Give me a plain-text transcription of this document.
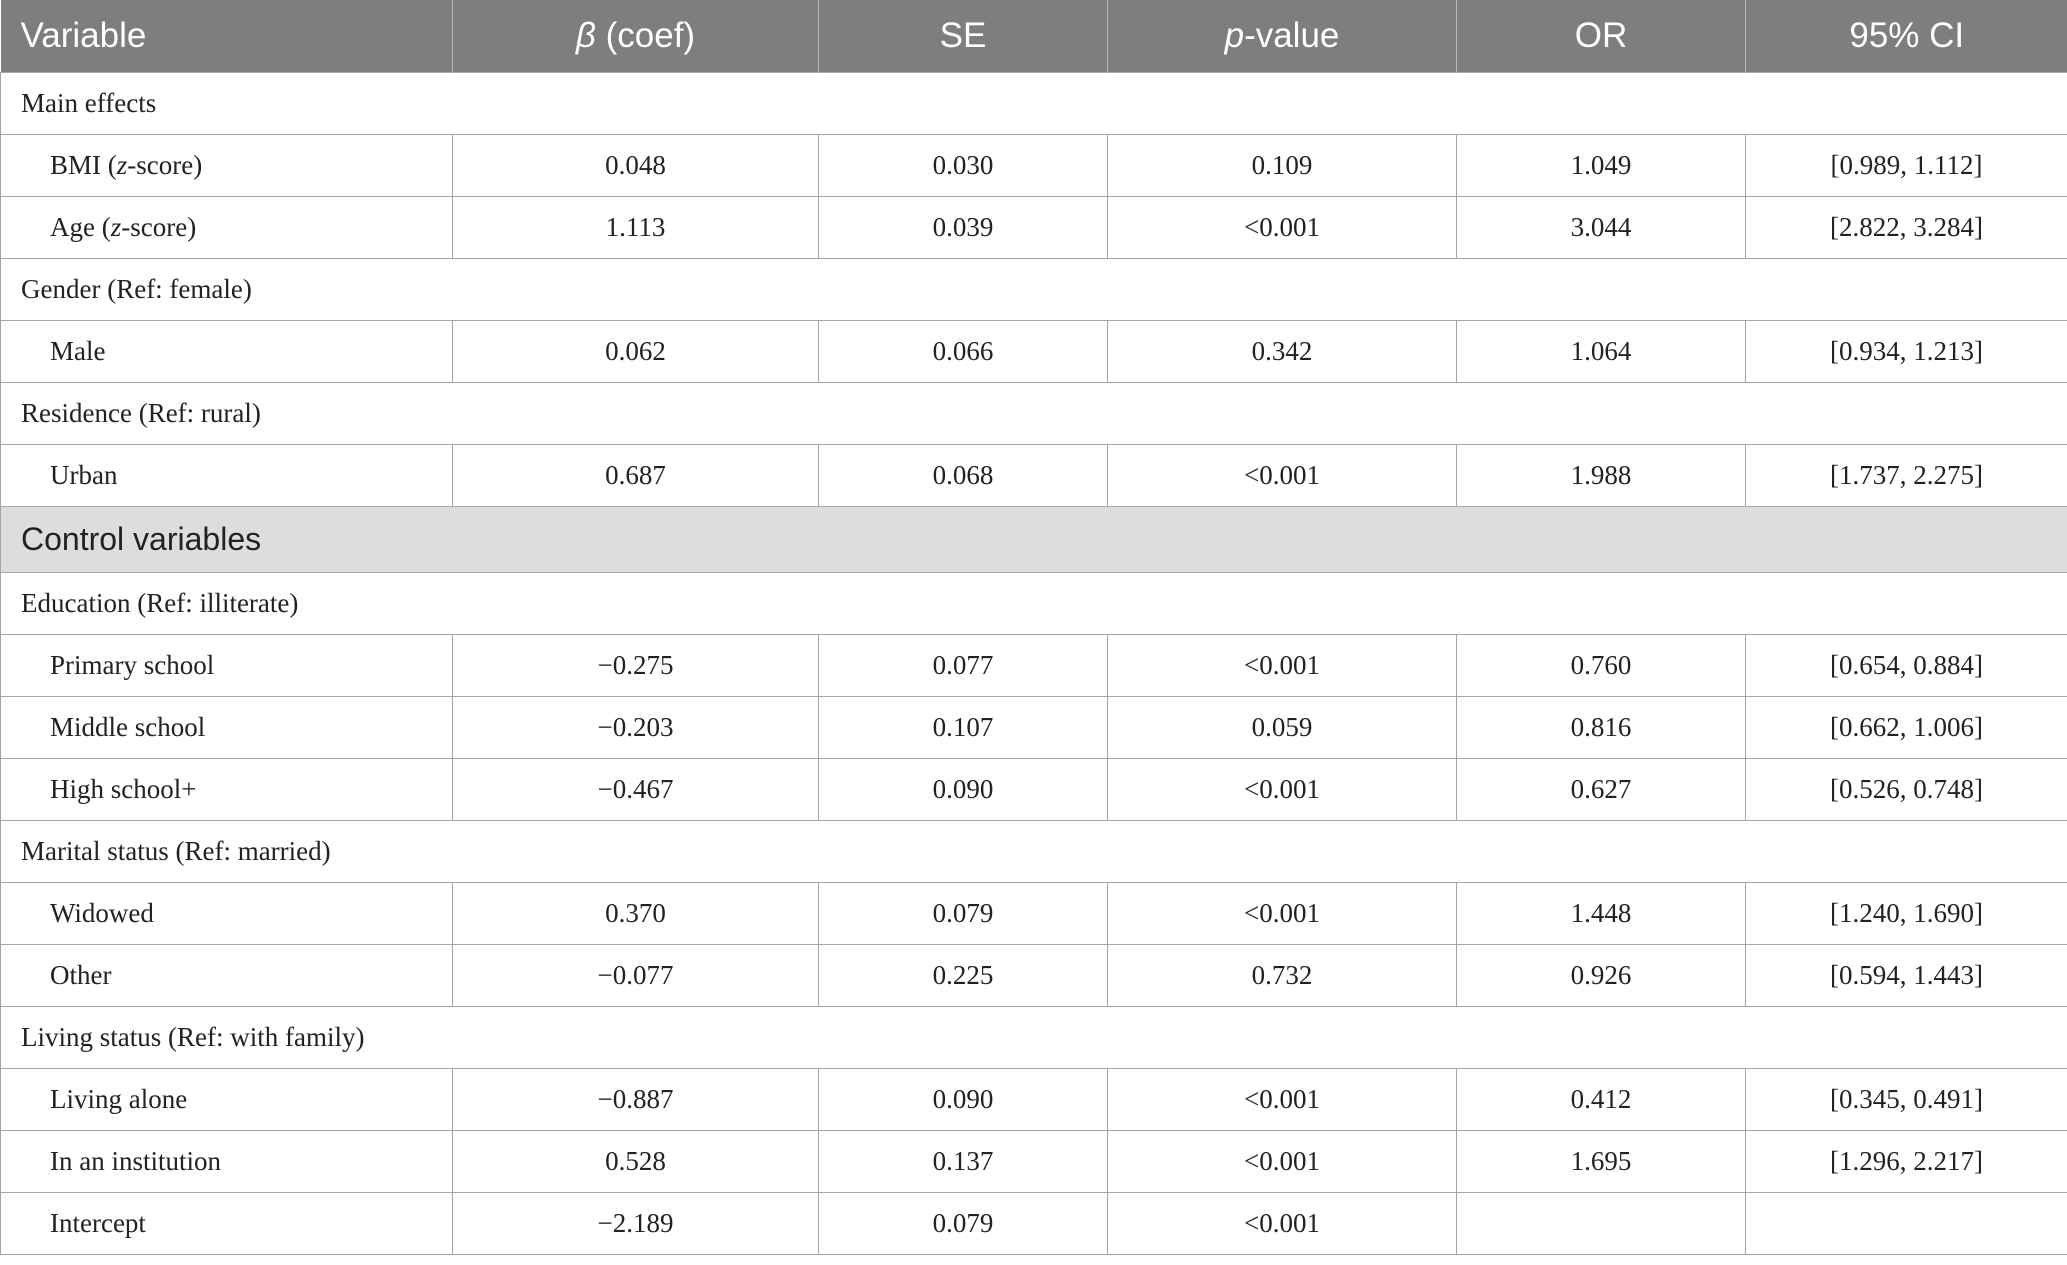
Variable	β (coef)	SE	p-value	OR	95% CI
Main effects					
BMI (z-score)	0.048	0.030	0.109	1.049	[0.989, 1.112]
Age (z-score)	1.113	0.039	<0.001	3.044	[2.822, 3.284]
Gender (Ref: female)					
Male	0.062	0.066	0.342	1.064	[0.934, 1.213]
Residence (Ref: rural)					
Urban	0.687	0.068	<0.001	1.988	[1.737, 2.275]
Control variables					
Education (Ref: illiterate)					
Primary school	−0.275	0.077	<0.001	0.760	[0.654, 0.884]
Middle school	−0.203	0.107	0.059	0.816	[0.662, 1.006]
High school+	−0.467	0.090	<0.001	0.627	[0.526, 0.748]
Marital status (Ref: married)					
Widowed	0.370	0.079	<0.001	1.448	[1.240, 1.690]
Other	−0.077	0.225	0.732	0.926	[0.594, 1.443]
Living status (Ref: with family)					
Living alone	−0.887	0.090	<0.001	0.412	[0.345, 0.491]
In an institution	0.528	0.137	<0.001	1.695	[1.296, 2.217]
Intercept	−2.189	0.079	<0.001		
